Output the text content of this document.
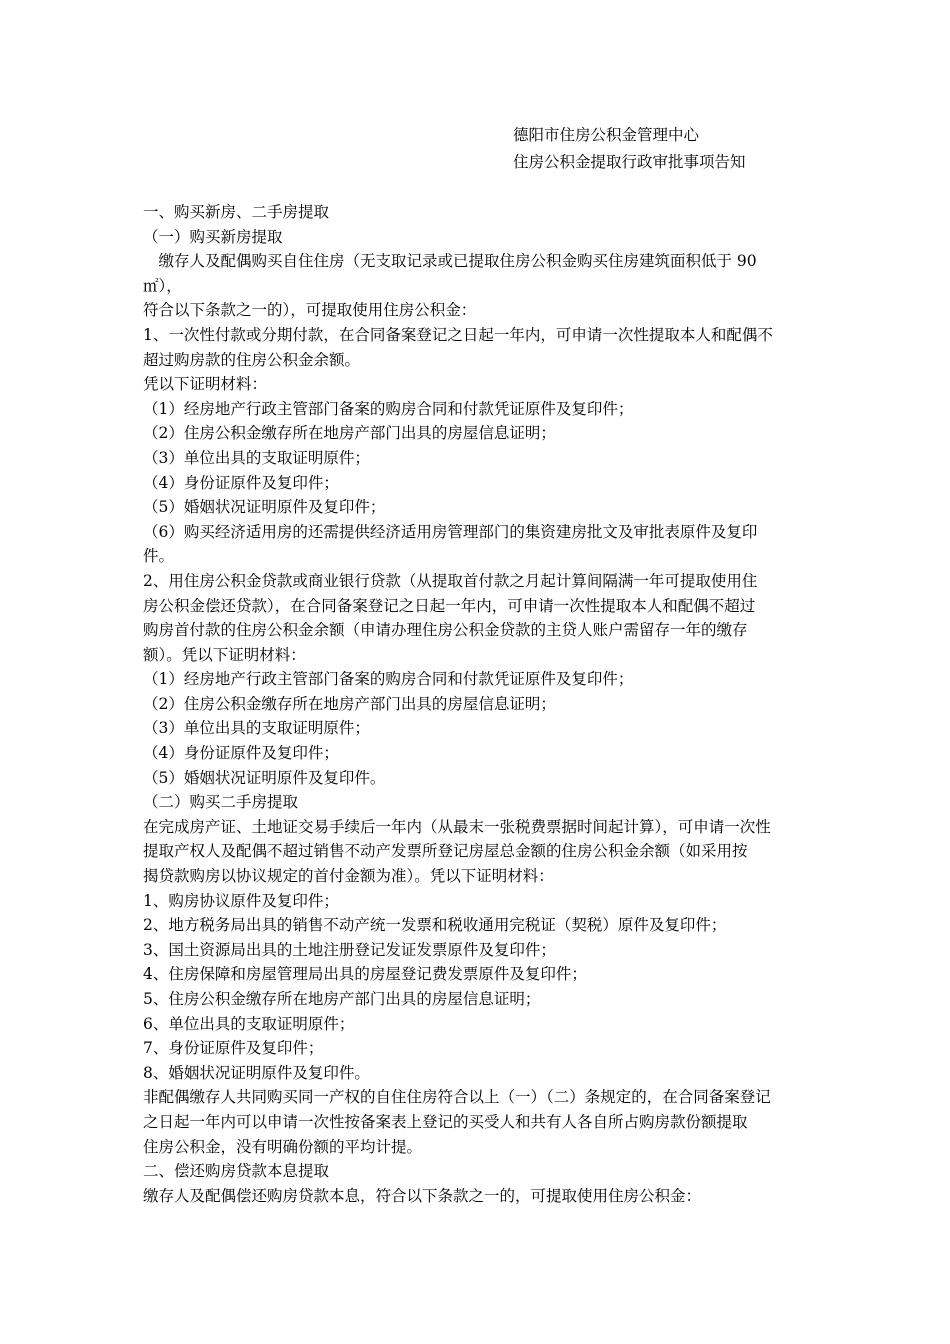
德阳市住房公积金管理中心
住房公积金提取行政审批事项告知
一、购买新房、二手房提取
（一）购买新房提取
　缴存人及配偶购买自住住房（无支取记录或已提取住房公积金购买住房建筑面积低于 90
㎡），
符合以下条款之一的），可提取使用住房公积金：
1、一次性付款或分期付款，在合同备案登记之日起一年内，可申请一次性提取本人和配偶不
超过购房款的住房公积金余额。
凭以下证明材料：
（1）经房地产行政主管部门备案的购房合同和付款凭证原件及复印件；
（2）住房公积金缴存所在地房产部门出具的房屋信息证明；
（3）单位出具的支取证明原件；
（4）身份证原件及复印件；
（5）婚姻状况证明原件及复印件；
（6）购买经济适用房的还需提供经济适用房管理部门的集资建房批文及审批表原件及复印
件。
2、用住房公积金贷款或商业银行贷款（从提取首付款之月起计算间隔满一年可提取使用住
房公积金偿还贷款），在合同备案登记之日起一年内，可申请一次性提取本人和配偶不超过
购房首付款的住房公积金余额（申请办理住房公积金贷款的主贷人账户需留存一年的缴存
额）。凭以下证明材料：
（1）经房地产行政主管部门备案的购房合同和付款凭证原件及复印件；
（2）住房公积金缴存所在地房产部门出具的房屋信息证明；
（3）单位出具的支取证明原件；
（4）身份证原件及复印件；
（5）婚姻状况证明原件及复印件。
（二）购买二手房提取
在完成房产证、土地证交易手续后一年内（从最末一张税费票据时间起计算），可申请一次性
提取产权人及配偶不超过销售不动产发票所登记房屋总金额的住房公积金余额（如采用按
揭贷款购房以协议规定的首付金额为准）。凭以下证明材料：
1、购房协议原件及复印件；
2、地方税务局出具的销售不动产统一发票和税收通用完税证（契税）原件及复印件；
3、国土资源局出具的土地注册登记发证发票原件及复印件；
4、住房保障和房屋管理局出具的房屋登记费发票原件及复印件；
5、住房公积金缴存所在地房产部门出具的房屋信息证明；
6、单位出具的支取证明原件；
7、身份证原件及复印件；
8、婚姻状况证明原件及复印件。
非配偶缴存人共同购买同一产权的自住住房符合以上（一）（二）条规定的，在合同备案登记
之日起一年内可以申请一次性按备案表上登记的买受人和共有人各自所占购房款份额提取
住房公积金，没有明确份额的平均计提。
二、偿还购房贷款本息提取
缴存人及配偶偿还购房贷款本息，符合以下条款之一的，可提取使用住房公积金：
